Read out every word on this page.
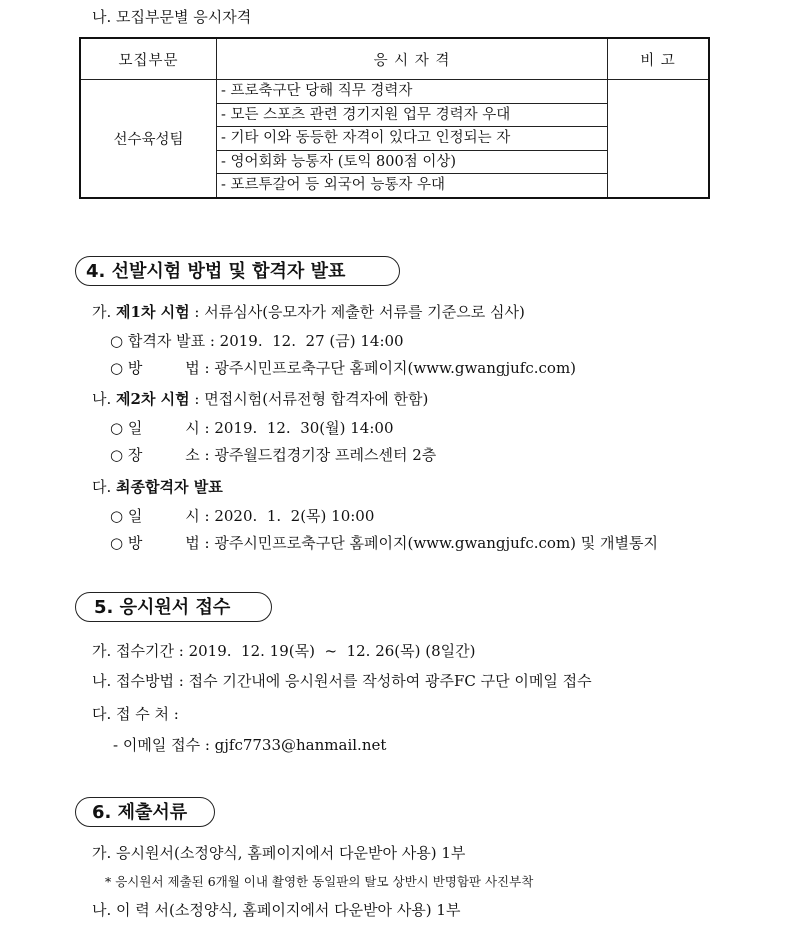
나. 모집부문별 응시자격
모집부문	응 시 자 격	비 고
선수육성팀	- 프로축구단 당해 직무 경력자
- 모든 스포츠 관련 경기지원 업무 경력자 우대
- 기타 이와 동등한 자격이 있다고 인정되는 자
- 영어회화 능통자 (토익 800점 이상)
- 포르투갈어 등 외국어 능통자 우대	

4. 선발시험 방법 및 합격자 발표
가. 제1차 시험 : 서류심사(응모자가 제출한 서류를 기준으로 심사)
○ 합격자 발표 : 2019.  12.  27 (금) 14:00
○ 방         법 : 광주시민프로축구단 홈페이지(www.gwangjufc.com)
나. 제2차 시험 : 면접시험(서류전형 합격자에 한함)
○ 일         시 : 2019.  12.  30(월) 14:00
○ 장         소 : 광주월드컵경기장 프레스센터 2층
다. 최종합격자 발표
○ 일         시 : 2020.  1.  2(목) 10:00
○ 방         법 : 광주시민프로축구단 홈페이지(www.gwangjufc.com) 및 개별통지
5. 응시원서 접수
가. 접수기간 : 2019.  12. 19(목)  ~  12. 26(목) (8일간)
나. 접수방법 : 접수 기간내에 응시원서를 작성하여 광주FC 구단 이메일 접수
다. 접 수 처 :
- 이메일 접수 : gjfc7733@hanmail.net
6. 제출서류
가. 응시원서(소정양식, 홈페이지에서 다운받아 사용) 1부
* 응시원서 제출된 6개월 이내 촬영한 동일판의 탈모 상반시 반명함판 사진부착
나. 이 력 서(소정양식, 홈페이지에서 다운받아 사용) 1부
